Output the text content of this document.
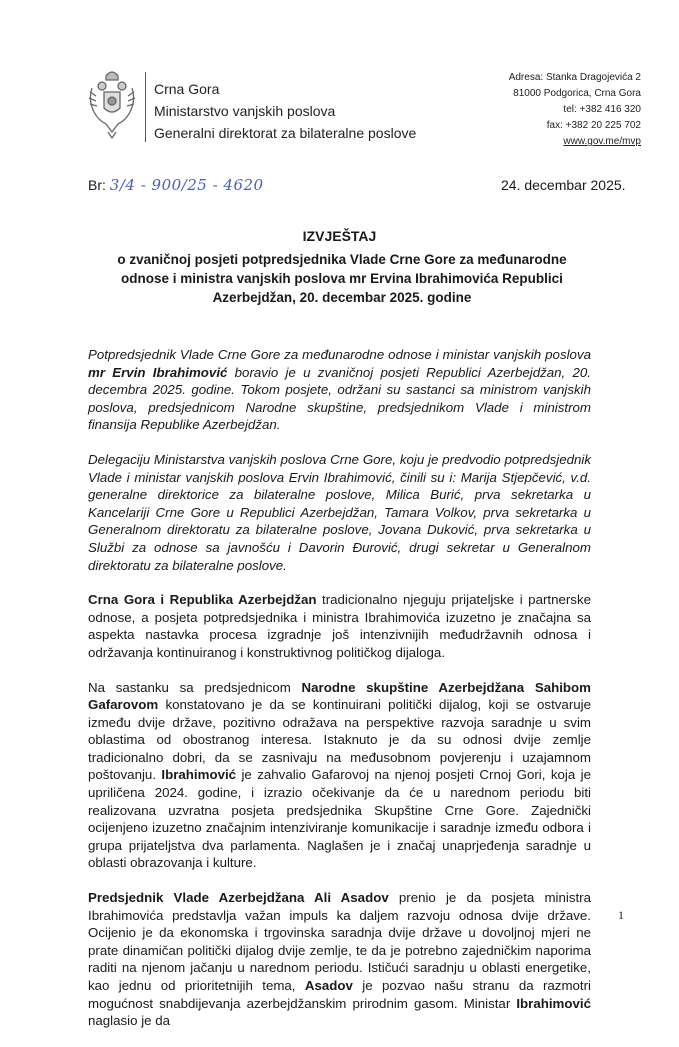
Crna Gora
Ministarstvo vanjskih poslova
Generalni direktorat za bilateralne poslove
Adresa: Stanka Dragojevića 2
81000 Podgorica, Crna Gora
tel: +382 416 320
fax: +382 20 225 702
www.gov.me/mvp
Br: 3/4 - 900/25 - 4620	24. decembar 2025.
IZVJEŠTAJ
o zvaničnoj posjeti potpredsjednika Vlade Crne Gore za međunarodne odnose i ministra vanjskih poslova mr Ervina Ibrahimovića Republici Azerbejdžan, 20. decembar 2025. godine

Potpredsjednik Vlade Crne Gore za međunarodne odnose i ministar vanjskih poslova mr Ervin Ibrahimović boravio je u zvaničnoj posjeti Republici Azerbejdžan, 20. decembra 2025. godine. Tokom posjete, održani su sastanci sa ministrom vanjskih poslova, predsjednicom Narodne skupštine, predsjednikom Vlade i ministrom finansija Republike Azerbejdžan.

Delegaciju Ministarstva vanjskih poslova Crne Gore, koju je predvodio potpredsjednik Vlade i ministar vanjskih poslova Ervin Ibrahimović, činili su i: Marija Stjepčević, v.d. generalne direktorice za bilateralne poslove, Milica Burić, prva sekretarka u Kancelariji Crne Gore u Republici Azerbejdžan, Tamara Volkov, prva sekretarka u Generalnom direktoratu za bilateralne poslove, Jovana Duković, prva sekretarka u Službi za odnose sa javnošću i Davorin Đurović, drugi sekretar u Generalnom direktoratu za bilateralne poslove.

Crna Gora i Republika Azerbejdžan tradicionalno njeguju prijateljske i partnerske odnose, a posjeta potpredsjednika i ministra Ibrahimovića izuzetno je značajna sa aspekta nastavka procesa izgradnje još intenzivnijih međudržavnih odnosa i održavanja kontinuiranog i konstruktivnog političkog dijaloga.

Na sastanku sa predsjednicom Narodne skupštine Azerbejdžana Sahibom Gafarovom konstatovano je da se kontinuirani politički dijalog, koji se ostvaruje između dvije države, pozitivno odražava na perspektive razvoja saradnje u svim oblastima od obostranog interesa. Istaknuto je da su odnosi dvije zemlje tradicionalno dobri, da se zasnivaju na međusobnom povjerenju i uzajamnom poštovanju. Ibrahimović je zahvalio Gafarovoj na njenoj posjeti Crnoj Gori, koja je upriličena 2024. godine, i izrazio očekivanje da će u narednom periodu biti realizovana uzvratna posjeta predsjednika Skupštine Crne Gore. Zajednički ocijenjeno izuzetno značajnim intenziviranje komunikacije i saradnje između odbora i grupa prijateljstva dva parlamenta. Naglašen je i značaj unaprjeđenja saradnje u oblasti obrazovanja i kulture.

Predsjednik Vlade Azerbejdžana Ali Asadov prenio je da posjeta ministra Ibrahimovića predstavlja važan impuls ka daljem razvoju odnosa dvije države. Ocijenio je da ekonomska i trgovinska saradnja dvije države u dovoljnoj mjeri ne prate dinamičan politički dijalog dvije zemlje, te da je potrebno zajedničkim naporima raditi na njenom jačanju u narednom periodu. Ističući saradnju u oblasti energetike, kao jednu od prioritetnijih tema, Asadov je pozvao našu stranu da razmotri mogućnost snabdijevanja azerbejdžanskim prirodnim gasom. Ministar Ibrahimović naglasio je da

1
